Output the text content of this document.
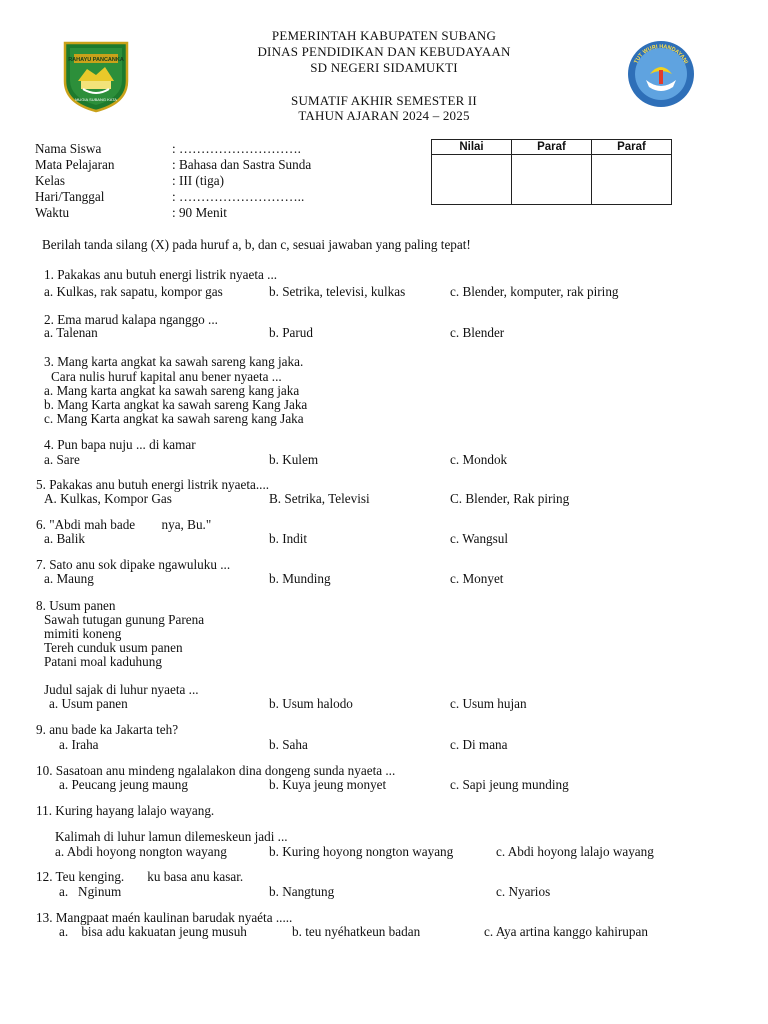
RAHAYU PANCANKA
MUGIA SUBANG KATA
TUT WURI HANDAYANI
PEMERINTAH KABUPATEN SUBANG
DINAS PENDIDIKAN DAN KEBUDAYAAN
SD NEGERI SIDAMUKTI
SUMATIF AKHIR SEMESTER II
TAHUN AJARAN 2024 – 2025
Nama Siswa	: ……………………….
Mata Pelajaran	: Bahasa dan Sastra Sunda
Kelas	: III (tiga)
Hari/Tanggal	: ………………………..
Waktu	: 90 Menit
Nilai	Paraf	Paraf

Berilah tanda silang (X) pada huruf a, b, dan c, sesuai jawaban yang paling tepat!
1. Pakakas anu butuh energi listrik nyaeta ...
a. Kulkas, rak sapatu, kompor gas	b. Setrika, televisi, kulkas	c. Blender, komputer, rak piring
2. Ema marud kalapa nganggo ...
a. Talenan	b. Parud	c. Blender
3. Mang karta angkat ka sawah sareng kang jaka.
Cara nulis huruf kapital anu bener nyaeta ...
a. Mang karta angkat ka sawah sareng kang jaka
b. Mang Karta angkat ka sawah sareng Kang Jaka
c. Mang Karta angkat ka sawah sareng kang Jaka
4. Pun bapa nuju ... di kamar
a. Sare	b. Kulem	c. Mondok
5. Pakakas anu butuh energi listrik nyaeta....
A. Kulkas, Kompor Gas	B. Setrika, Televisi	C. Blender, Rak piring
6. "Abdi mah bade        nya, Bu."
a. Balik	b. Indit	c. Wangsul
7. Sato anu sok dipake ngawuluku ...
a. Maung	b. Munding	c. Monyet
8. Usum panen
Sawah tutugan gunung Parena
mimiti koneng
Tereh cunduk usum panen
Patani moal kaduhung
Judul sajak di luhur nyaeta ...
a. Usum panen	b. Usum halodo	c. Usum hujan
9. anu bade ka Jakarta teh?
a. Iraha	b. Saha	c. Di mana
10. Sasatoan anu mindeng ngalalakon dina dongeng sunda nyaeta ...
a. Peucang jeung maung	b. Kuya jeung monyet	c. Sapi jeung munding
11. Kuring hayang lalajo wayang.
Kalimah di luhur lamun dilemeskeun jadi ...
a. Abdi hoyong nongton wayang	b. Kuring hoyong nongton wayang	c. Abdi hoyong lalajo wayang
12. Teu kenging.       ku basa anu kasar.
a.   Nginum	b. Nangtung	c. Nyarios
13. Mangpaat maén kaulinan barudak nyaéta .....
a.    bisa adu kakuatan jeung musuh	b. teu nyéhatkeun badan	c. Aya artina kanggo kahirupan
